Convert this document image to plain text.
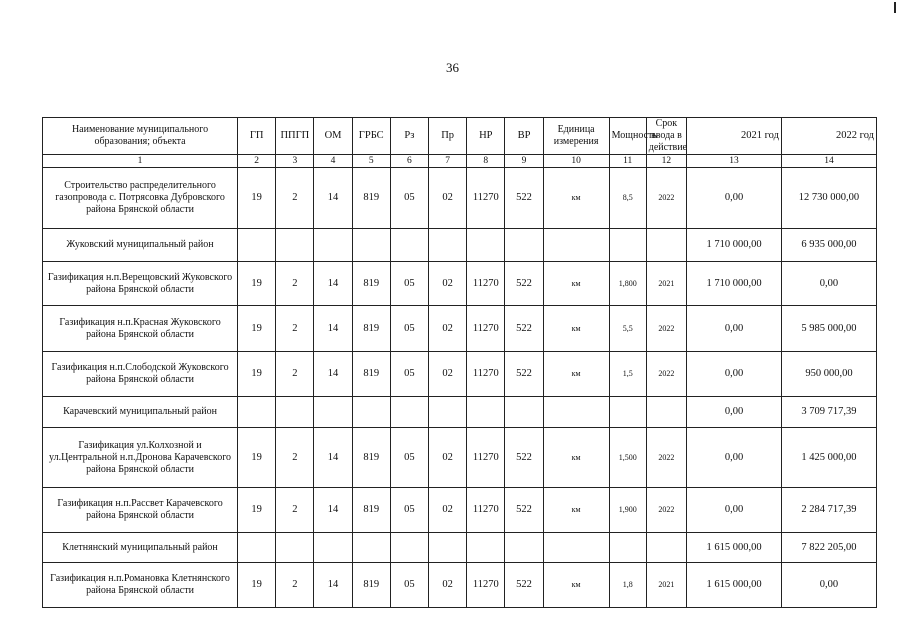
36
Наименование муниципального образования; объекта	ГП	ППГП	ОМ	ГРБС	Рз	Пр	НР	ВР	Единица измерения	Мощность	Срок ввода в действие	2021 год	2022 год
1	2	3	4	5	6	7	8	9	10	11	12	13	14
Строительство распределительного газопровода с. Потрясовка Дубровского района Брянской области	19	2	14	819	05	02	11270	522	км	8,5	2022	0,00	12 730 000,00
Жуковский муниципальный район												1 710 000,00	6 935 000,00
Газификация н.п.Верещовский Жуковского района Брянской области	19	2	14	819	05	02	11270	522	км	1,800	2021	1 710 000,00	0,00
Газификация н.п.Красная Жуковского района Брянской области	19	2	14	819	05	02	11270	522	км	5,5	2022	0,00	5 985 000,00
Газификация н.п.Слободской Жуковского района Брянской области	19	2	14	819	05	02	11270	522	км	1,5	2022	0,00	950 000,00
Карачевский муниципальный район												0,00	3 709 717,39
Газификация ул.Колхозной и ул.Центральной н.п.Дронова Карачевского района Брянской области	19	2	14	819	05	02	11270	522	км	1,500	2022	0,00	1 425 000,00
Газификация н.п.Рассвет Карачевского района Брянской области	19	2	14	819	05	02	11270	522	км	1,900	2022	0,00	2 284 717,39
Клетнянский муниципальный район												1 615 000,00	7 822 205,00
Газификация н.п.Романовка Клетнянского района Брянской области	19	2	14	819	05	02	11270	522	км	1,8	2021	1 615 000,00	0,00
